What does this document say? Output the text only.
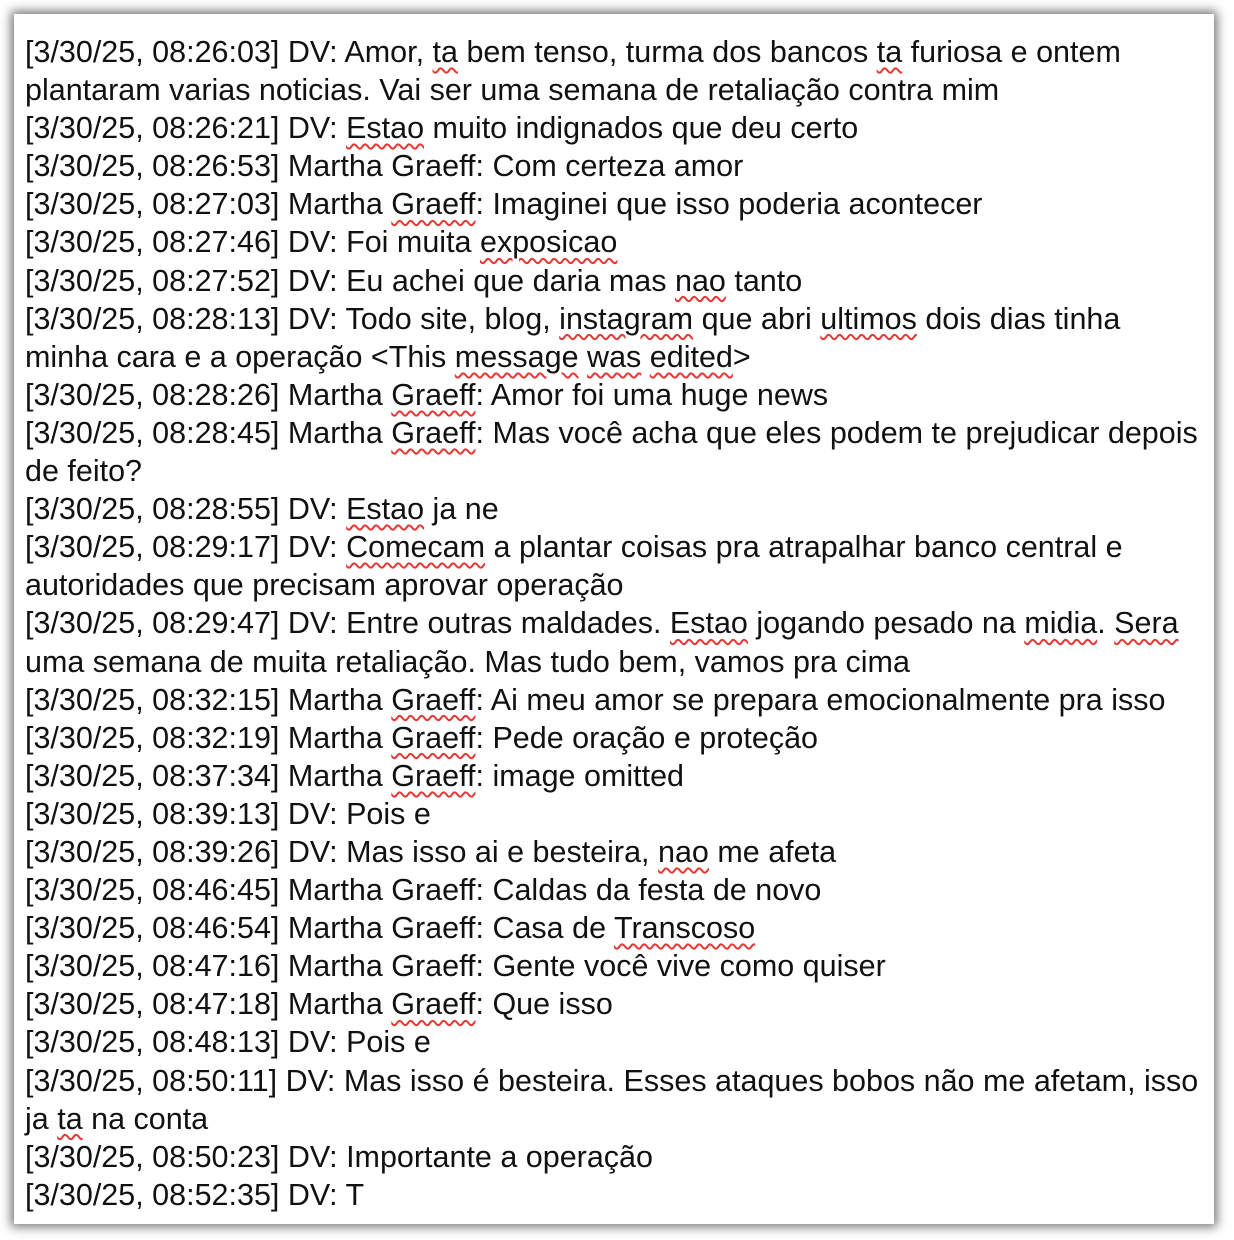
[3/30/25, 08:26:03] DV: Amor, ta bem tenso, turma dos bancos ta furiosa e ontem plantaram varias noticias. Vai ser uma semana de retaliação contra mim

[3/30/25, 08:26:21] DV: Estao muito indignados que deu certo

[3/30/25, 08:26:53] Martha Graeff: Com certeza amor

[3/30/25, 08:27:03] Martha Graeff: Imaginei que isso poderia acontecer

[3/30/25, 08:27:46] DV: Foi muita exposicao

[3/30/25, 08:27:52] DV: Eu achei que daria mas nao tanto

[3/30/25, 08:28:13] DV: Todo site, blog, instagram que abri ultimos dois dias tinha minha cara e a operação <This message was edited>

[3/30/25, 08:28:26] Martha Graeff: Amor foi uma huge news

[3/30/25, 08:28:45] Martha Graeff: Mas você acha que eles podem te prejudicar depois de feito?

[3/30/25, 08:28:55] DV: Estao ja ne

[3/30/25, 08:29:17] DV: Comecam a plantar coisas pra atrapalhar banco central e autoridades que precisam aprovar operação

[3/30/25, 08:29:47] DV: Entre outras maldades. Estao jogando pesado na midia. Sera uma semana de muita retaliação. Mas tudo bem, vamos pra cima

[3/30/25, 08:32:15] Martha Graeff: Ai meu amor se prepara emocionalmente pra isso

[3/30/25, 08:32:19] Martha Graeff: Pede oração e proteção

[3/30/25, 08:37:34] Martha Graeff: image omitted

[3/30/25, 08:39:13] DV: Pois e

[3/30/25, 08:39:26] DV: Mas isso ai e besteira, nao me afeta

[3/30/25, 08:46:45] Martha Graeff: Caldas da festa de novo

[3/30/25, 08:46:54] Martha Graeff: Casa de Transcoso

[3/30/25, 08:47:16] Martha Graeff: Gente você vive como quiser

[3/30/25, 08:47:18] Martha Graeff: Que isso

[3/30/25, 08:48:13] DV: Pois e

[3/30/25, 08:50:11] DV: Mas isso é besteira. Esses ataques bobos não me afetam, isso ja ta na conta

[3/30/25, 08:50:23] DV: Importante a operação

[3/30/25, 08:52:35] DV: T
